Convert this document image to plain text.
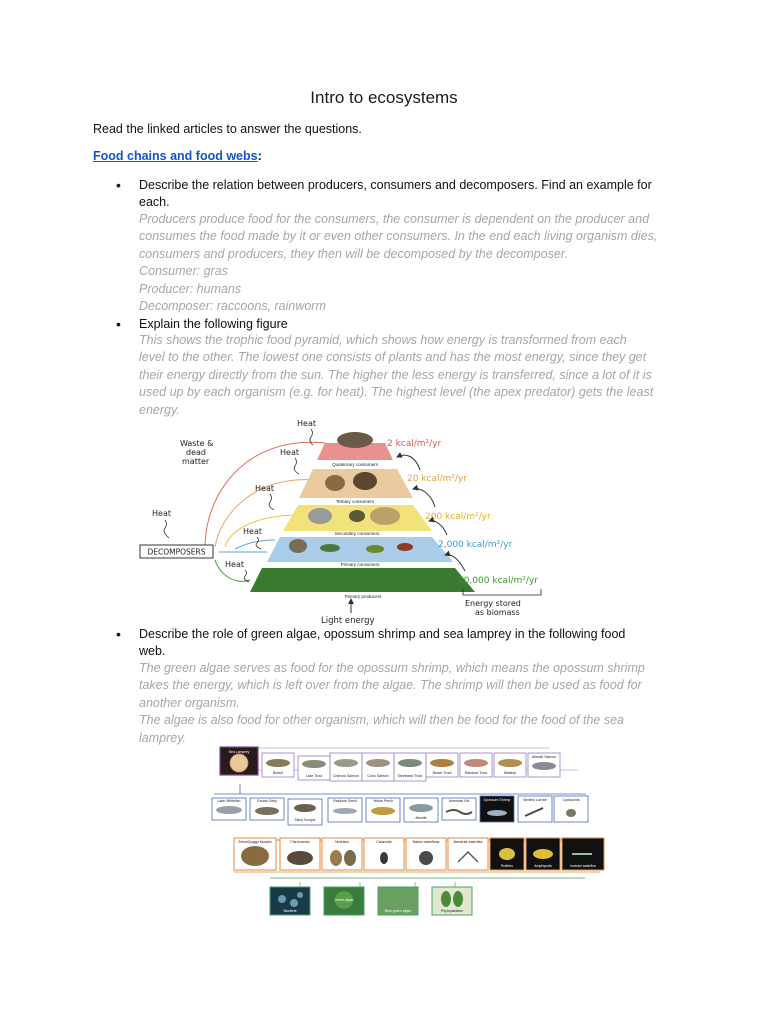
Intro to ecosystems
Read the linked articles to answer the questions.
Food chains and food webs:
• Describe the relation between producers, consumers and decomposers. Find an example for
each.
Producers produce food for the consumers, the consumer is dependent on the producer and
consumes the food made by it or even other consumers. In the end each living organism dies,
consumers and producers, they then will be decomposed by the decomposer.
Consumer: gras
Producer: humans
Decomposer: raccoons, rainworm
• Explain the following figure
This shows the trophic food pyramid, which shows how energy is transformed from each
level to the other. The lowest one consists of plants and has the most energy, since they get
their energy directly from the sun. The higher the less energy is transferred, since a lot of it is
used up by each organism (e.g. for heat). The highest level (the apex predator) gets the least
energy.
Quaternary consumers
Tertiary consumers
Secondary consumers
Primary consumers
Primary producers
2 kcal/m²/yr
20 kcal/m²/yr
200 kcal/m²/yr
2,000 kcal/m²/yr
20,000 kcal/m²/yr
Heat
Heat
Heat
Heat
Heat
Heat
Waste &
dead
matter
DECOMPOSERS
Light energy
Energy stored
as biomass
• Describe the role of green algae, opossum shrimp and sea lamprey in the following food
web.
The green algae serves as food for the opossum shrimp, which means the opossum shrimp
takes the energy, which is left over from the algae. The shrimp will then be used as food for
another organism.
The algae is also food for other organism, which will then be food for the food of the sea
lamprey.
Sea Lamprey
Burbot
Lake Trout	Chinook Salmon Coho Salmon	Steelhead Trout
Brown Trout	Rainbow Trout	Walleye
Atlantic Salmon
Lake Whitefish	Round Goby
Slimy Sculpin
Rainbow Smelt	Yellow Perch
Alewife
American Eel	Opossum Shrimp	Benthic Larvae	Cyclopoids
Zebra/Quagga Mussels	Chironomids	Mollusks	Calanoids	Native waterfleas	Bacterial waterflea
Rotifers	Amphipods	Invasive waterflea
Bacteria
Green algae
Blue-green algae	Phytoplankton
